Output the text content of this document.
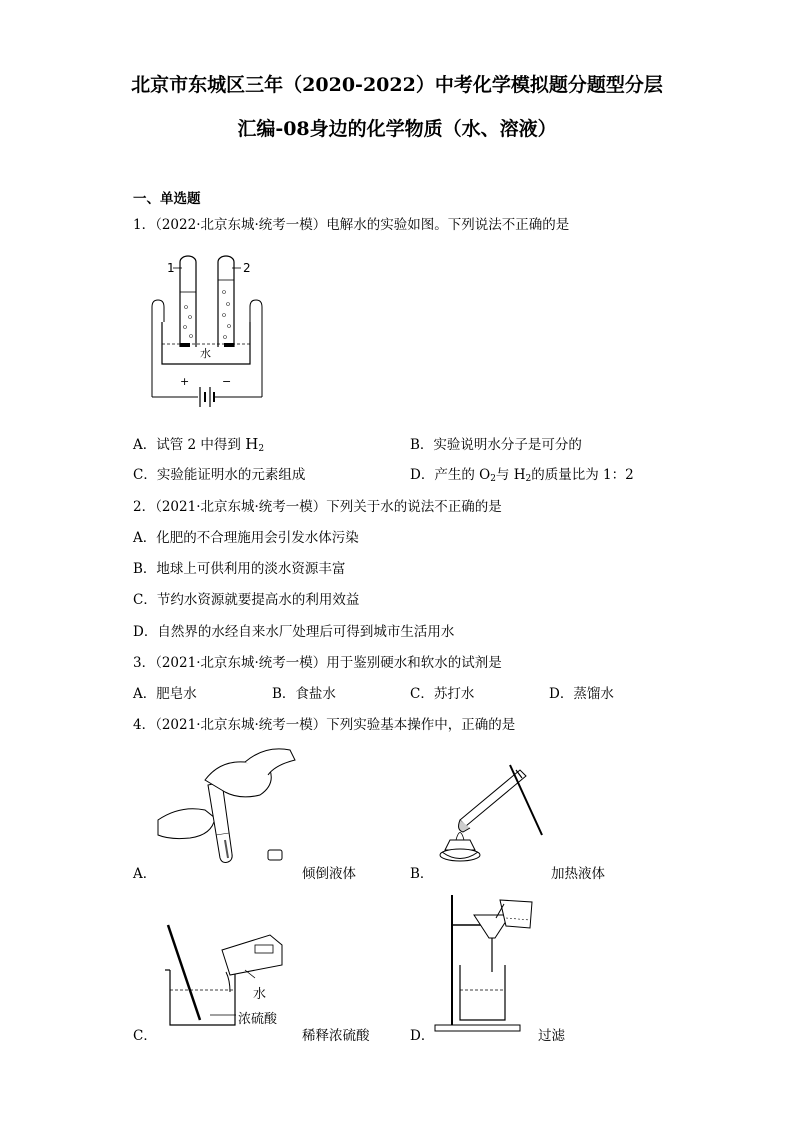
北京市东城区三年（2020-2022）中考化学模拟题分题型分层
汇编-08身边的化学物质（水、溶液）
一、单选题
1．（2022·北京东城·统考一模）电解水的实验如图。下列说法不正确的是
1	2
水
+	−
A．试管 2 中得到 $H_2$	B．实验说明水分子是可分的
C．实验能证明水的元素组成	D．产生的 $O_2$与 $H_2$的质量比为 1：2
2．（2021·北京东城·统考一模）下列关于水的说法不正确的是
A．化肥的不合理施用会引发水体污染
B．地球上可供利用的淡水资源丰富
C．节约水资源就要提高水的利用效益
D．自然界的水经自来水厂处理后可得到城市生活用水
3．（2021·北京东城·统考一模）用于鉴别硬水和软水的试剂是
A．肥皂水	B．食盐水	C．苏打水	D．蒸馏水
4．（2021·北京东城·统考一模）下列实验基本操作中，正确的是
A．	倾倒液体	B．	加热液体
水
浓硫酸
C．	稀释浓硫酸	D．	过滤
